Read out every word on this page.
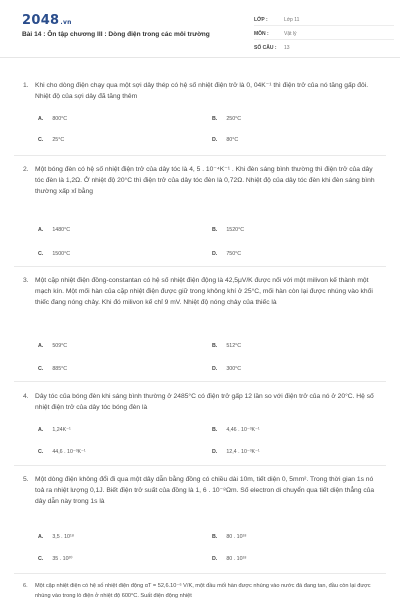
2048.vn
Bài 14 : Ôn tập chương III : Dòng điện trong các môi trường
LỚP :	Lớp 11
MÔN :	Vật lý
SỐ CÂU : 13
1. Khi cho dòng điện chạy qua một sợi dây thép có hệ số nhiệt điện trở là 0, 04K⁻¹ thì điện trở của nó tăng gấp đôi. Nhiệt độ của sợi dây đã tăng thêm
A. 800°C	B. 250°C
C. 25°C	D. 80°C
2. Một bóng đèn có hệ số nhiệt điện trở của dây tóc là 4, 5 . 10⁻⁴K⁻¹ . Khi đèn sáng bình thường thì điện trở của dây tóc đèn là 1,2Ω. Ở nhiệt độ 20°C thì điện trở của dây tóc đèn là 0,72Ω. Nhiệt độ của dây tóc đèn khi đèn sáng bình thường xấp xỉ bằng
A. 1480°C	B. 1520°C
C. 1500°C	D. 750°C
3. Một cặp nhiệt điện đồng-constantan có hệ số nhiệt điện động là 42,5μV/K được nối với một milivon kế thành một mạch kín. Một mối hàn của cặp nhiệt điện được giữ trong không khí ở 25°C, mối hàn còn lại được nhúng vào khối thiếc đang nóng chảy. Khi đó milivon kế chỉ 9 mV. Nhiệt độ nóng chảy của thiếc là
A. 509°C	B. 512°C
C. 885°C	D. 300°C
4. Dây tóc của bóng đèn khi sáng bình thường ở 2485°C có điện trở gấp 12 lần so với điện trở của nó ở 20°C. Hệ số nhiệt điện trở của dây tóc bóng đèn là
A. 1,24K⁻¹	B. 4,46 . 10⁻³K⁻¹
C. 44,6 . 10⁻³K⁻¹	D. 12,4 . 10⁻³K⁻¹
5. Một dòng điện không đổi đi qua một dây dẫn bằng đồng có chiều dài 10m, tiết diện 0, 5mm². Trong thời gian 1s nó toả ra nhiệt lượng 0,1J. Biết điện trở suất của đồng là 1, 6 . 10⁻⁸Ωm. Số electron di chuyển qua tiết diện thẳng của dây dẫn này trong 1s là
A. 3,5 . 10¹⁸	B. 80 . 10¹⁸
C. 35 . 10²⁰	D. 80 . 10¹⁸
6. Một cặp nhiệt điện có hệ số nhiệt điện động αT = 52,6.10⁻⁶ V/K, một đầu mối hàn được nhúng vào nước đá đang tan, đầu còn lại được nhúng vào trong lò điện ở nhiệt độ 600°C. Suất điện động nhiệt
